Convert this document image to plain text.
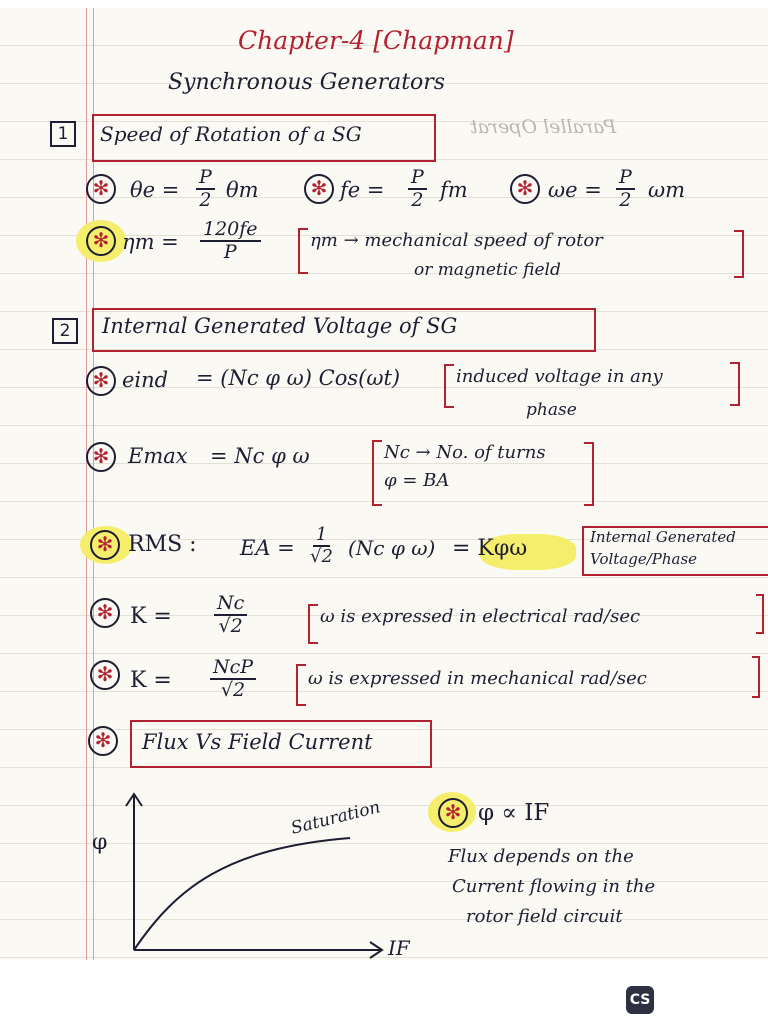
Chapter-4 [Chapman]
Synchronous Generators
Parallel Operat
1	Speed of Rotation of a SG
✻ $\theta e = \frac{P}{2}$ θm	✻ fe = $\frac{P}{2}$ fm	✻ $\omega e = \frac{P}{2}$ ωm
✻ $\eta m = \frac{120fe}{P}$	ηm → mechanical speed of rotor
or magnetic field
2	Internal Generated Voltage of SG
✻ eind = (Nc φ ω) Cos(ωt)	induced voltage in any
phase
✻ Emax = Nc φ ω	Nc → No. of turns
φ = BA
✻ RMS : EA = $\frac{1}{√2} (Nc$ φ ω) = Kφω	Internal Generated
Voltage/Phase
✻ $K = \frac{Nc}{√2}$	ω is expressed in electrical rad/sec
✻ K =
NcP
√2
ω is expressed in mechanical rad/sec
✻	Flux Vs Field Current
φ
IF
Saturation	✻ φ ∝ IF
Flux depends on the
Current flowing in the
rotor field circuit
CS
